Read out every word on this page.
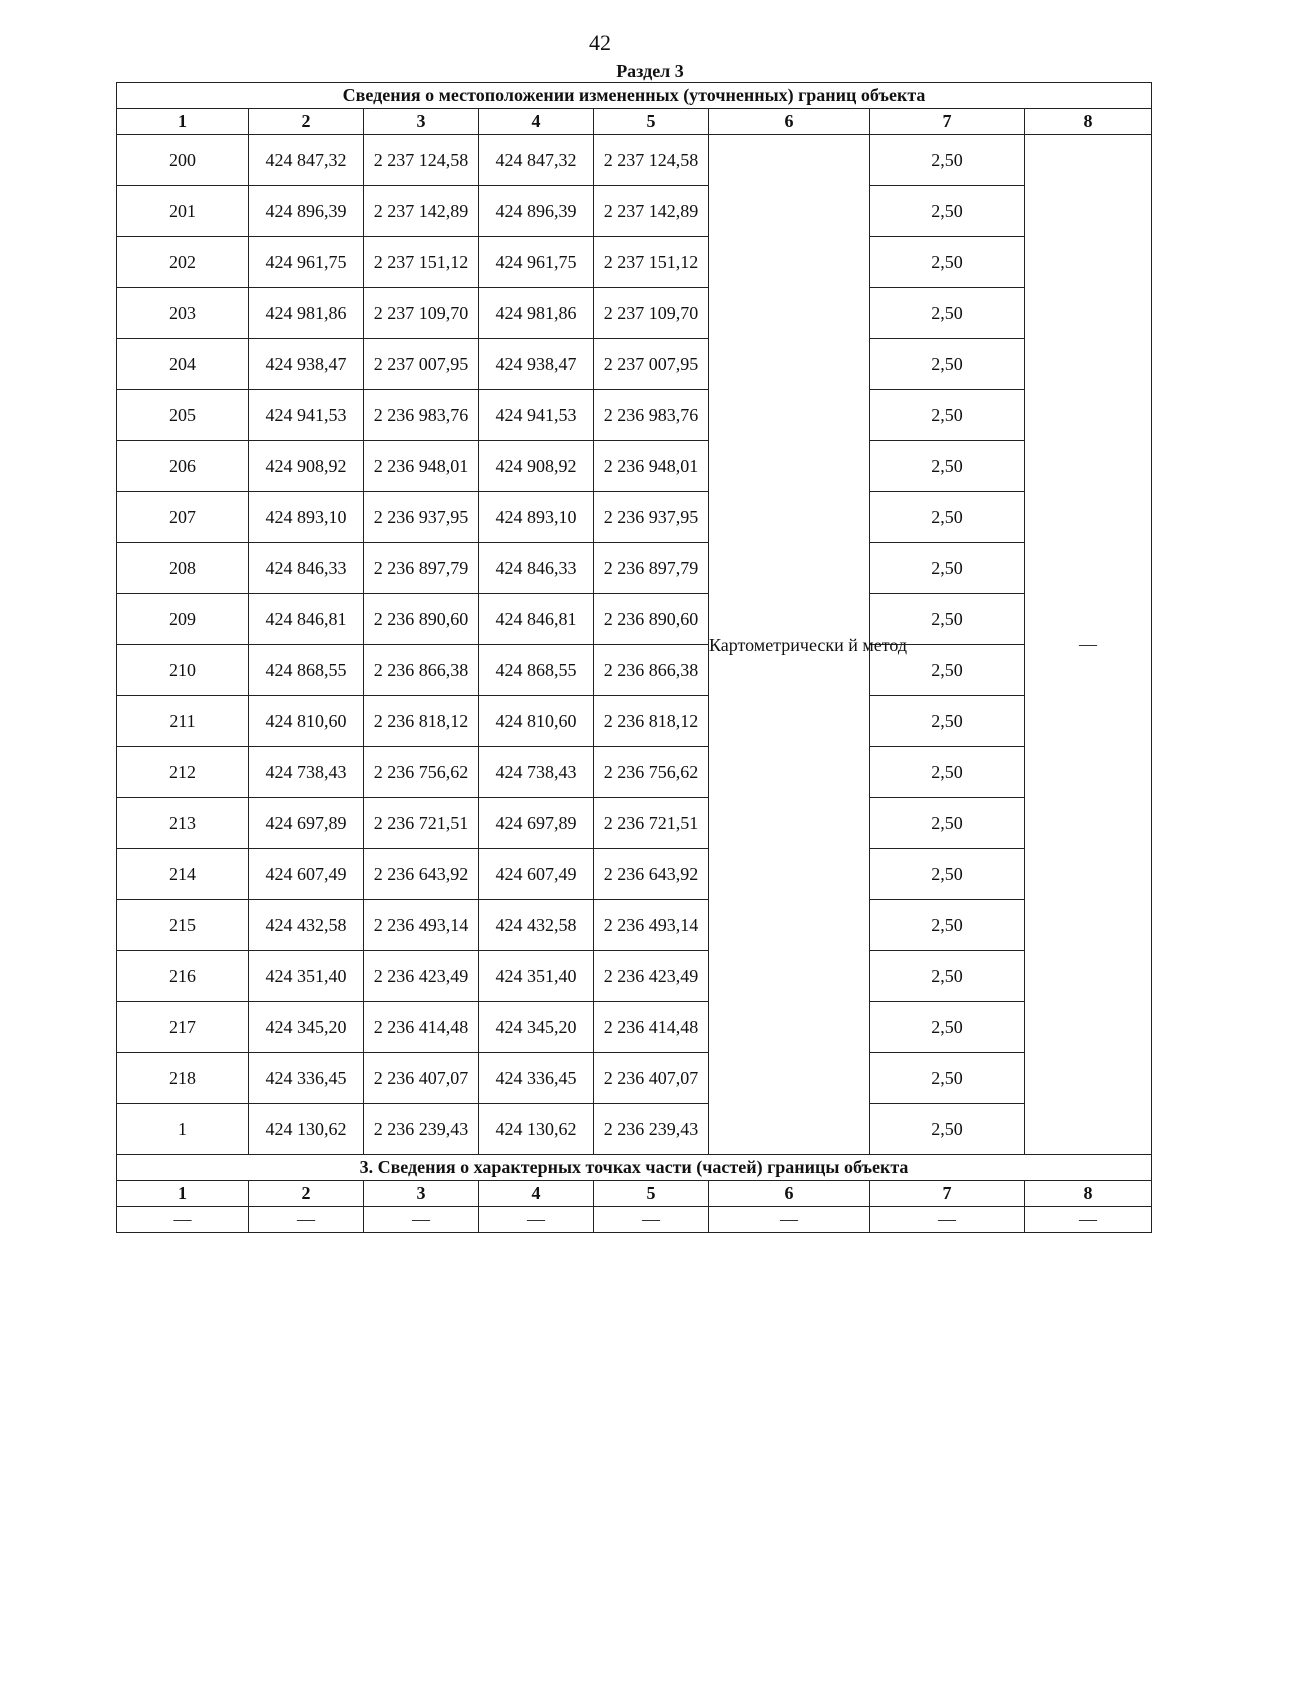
42
Раздел 3
Сведения о местоположении измененных (уточненных) границ объекта							
1	2	3	4	5	6	7	8
200	424 847,32	2 237 124,58	424 847,32	2 237 124,58	Картометрически й метод	2,50	—
201	424 896,39	2 237 142,89	424 896,39	2 237 142,89		2,50	
202	424 961,75	2 237 151,12	424 961,75	2 237 151,12		2,50	
203	424 981,86	2 237 109,70	424 981,86	2 237 109,70		2,50	
204	424 938,47	2 237 007,95	424 938,47	2 237 007,95		2,50	
205	424 941,53	2 236 983,76	424 941,53	2 236 983,76		2,50	
206	424 908,92	2 236 948,01	424 908,92	2 236 948,01		2,50	
207	424 893,10	2 236 937,95	424 893,10	2 236 937,95		2,50	
208	424 846,33	2 236 897,79	424 846,33	2 236 897,79		2,50	
209	424 846,81	2 236 890,60	424 846,81	2 236 890,60		2,50	
210	424 868,55	2 236 866,38	424 868,55	2 236 866,38		2,50	
211	424 810,60	2 236 818,12	424 810,60	2 236 818,12		2,50	
212	424 738,43	2 236 756,62	424 738,43	2 236 756,62		2,50	
213	424 697,89	2 236 721,51	424 697,89	2 236 721,51		2,50	
214	424 607,49	2 236 643,92	424 607,49	2 236 643,92		2,50	
215	424 432,58	2 236 493,14	424 432,58	2 236 493,14		2,50	
216	424 351,40	2 236 423,49	424 351,40	2 236 423,49		2,50	
217	424 345,20	2 236 414,48	424 345,20	2 236 414,48		2,50	
218	424 336,45	2 236 407,07	424 336,45	2 236 407,07		2,50	
1	424 130,62	2 236 239,43	424 130,62	2 236 239,43		2,50	
3. Сведения о характерных точках части (частей) границы объекта							
1	2	3	4	5	6	7	8
—	—	—	—	—	—	—	—
